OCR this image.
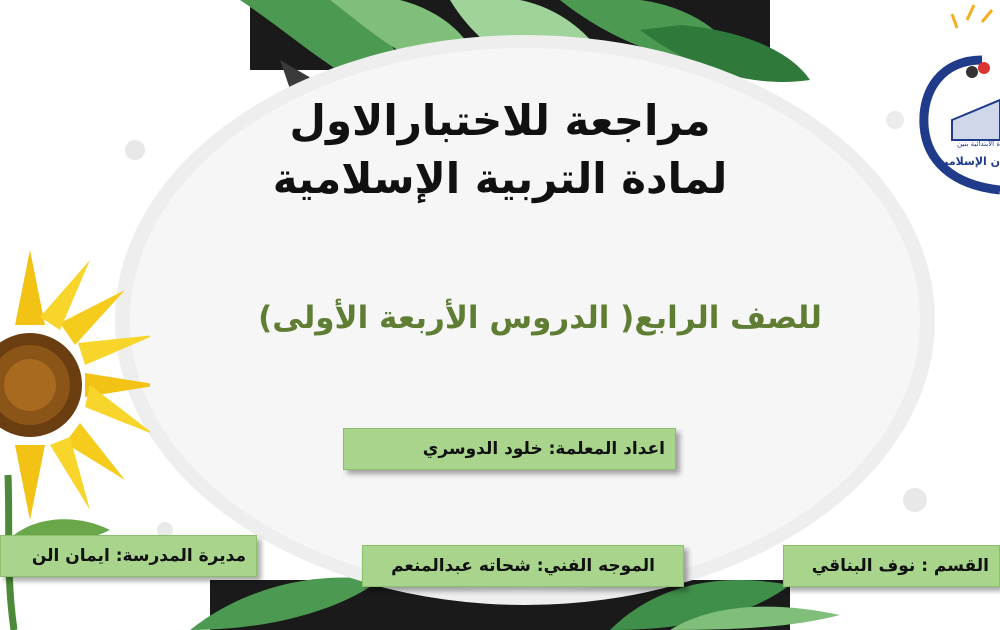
ة الابتدائية بنين
ن الإسلامية
مراجعة للاختبارالاول
لمادة التربية الإسلامية
للصف الرابع( الدروس الأربعة الأولى)
اعداد المعلمة: خلود الدوسري
الموجه الفني: شحاته عبدالمنعم
مديرة المدرسة: ايمان الن	القسم : نوف البناقي
